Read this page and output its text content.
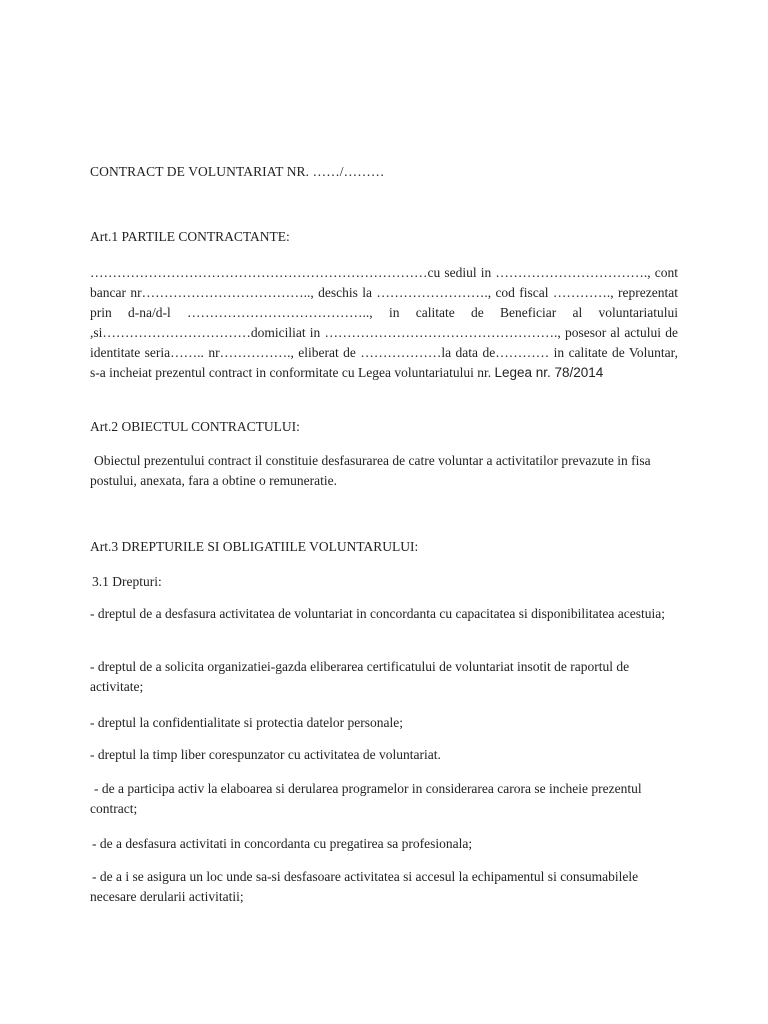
CONTRACT DE VOLUNTARIAT NR. ……/………
Art.1 PARTILE CONTRACTANTE:
…………………………………………………………………cu sediul in ……………………………., cont bancar nr……………………………….., deschis la ……………………., cod fiscal …………., reprezentat prin d-na/d-l ………………………………….., in calitate de Beneficiar al voluntariatului ,si……………………………domiciliat in ……………………………………………., posesor al actului de identitate seria…….. nr……………., eliberat de ………………la data de………… in calitate de Voluntar, s-a incheiat prezentul contract in conformitate cu Legea voluntariatului nr. Legea nr. 78/2014
Art.2 OBIECTUL CONTRACTULUI:
Obiectul prezentului contract il constituie desfasurarea de catre voluntar a activitatilor prevazute in fisa postului, anexata, fara a obtine o remuneratie.
Art.3 DREPTURILE SI OBLIGATIILE VOLUNTARULUI:
3.1 Drepturi:
- dreptul de a desfasura activitatea de voluntariat in concordanta cu capacitatea si disponibilitatea acestuia;
- dreptul de a solicita organizatiei-gazda eliberarea certificatului de voluntariat insotit de raportul de activitate;
- dreptul la confidentialitate si protectia datelor personale;
- dreptul la timp liber corespunzator cu activitatea de voluntariat.
- de a participa activ la elaboarea si derularea programelor in considerarea carora se incheie prezentul contract;
- de a desfasura activitati in concordanta cu pregatirea sa profesionala;
- de a i se asigura un loc unde sa-si desfasoare activitatea si accesul la echipamentul si consumabilele necesare derularii activitatii;
